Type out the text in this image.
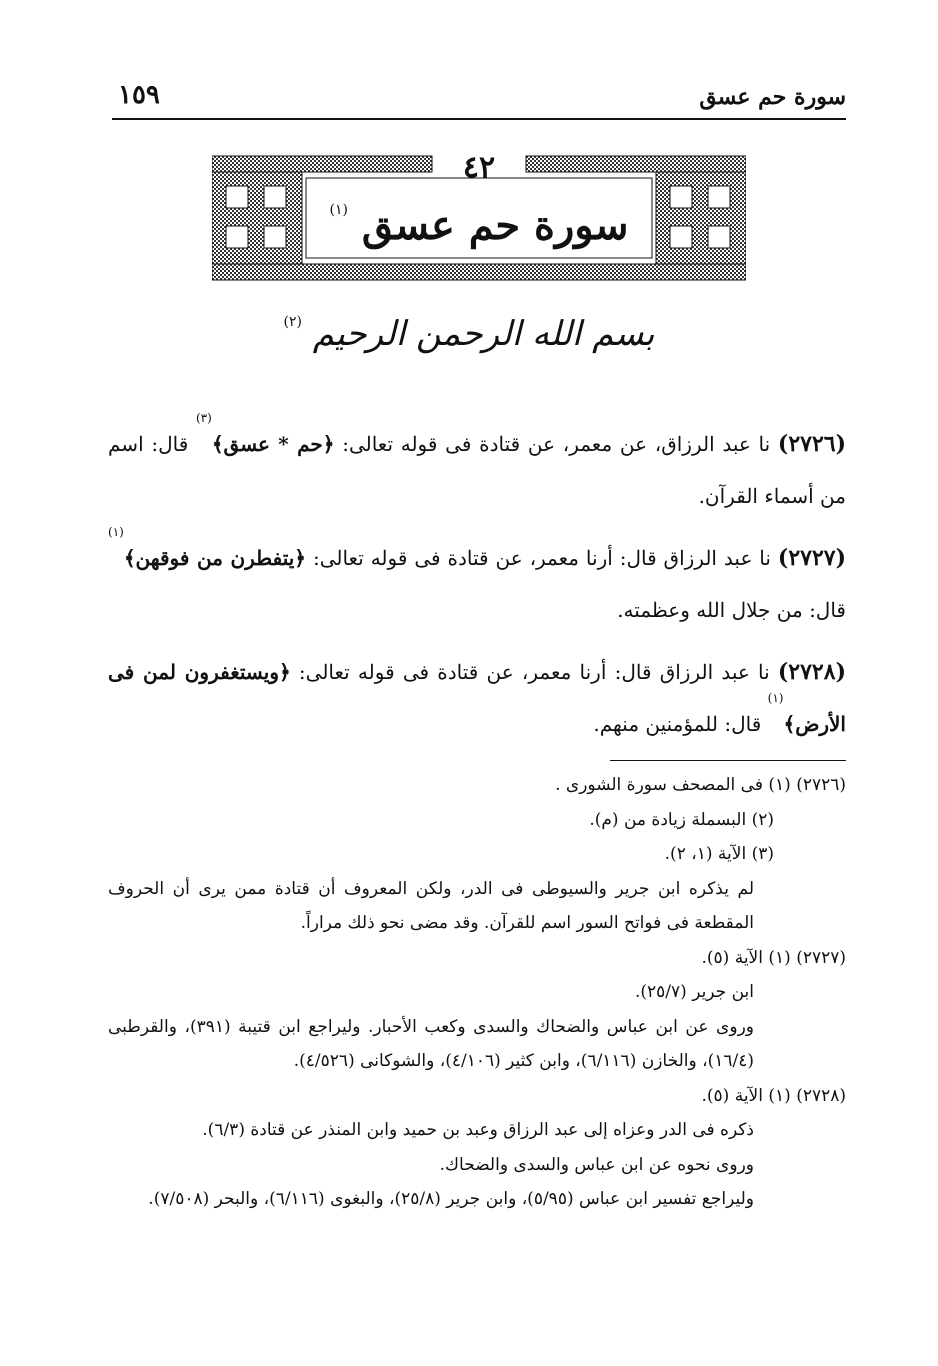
سورة حم عسق
١٥٩
٤٢
سورة حم عسق $^{(١)}$
بسم الله الرحمن الرحيم $^{(٢)}$

(٢٧٢٦) نا عبد الرزاق، عن معمر، عن قتادة فى قوله تعالى: ﴿حم * عسق﴾$^{(٣)}$ قال: اسم من أسماء القرآن.

(٢٧٢٧) نا عبد الرزاق قال: أرنا معمر، عن قتادة فى قوله تعالى: ﴿يتفطرن من فوقهن﴾$^{(١)}$ قال: من جلال الله وعظمته.

(٢٧٢٨) نا عبد الرزاق قال: أرنا معمر، عن قتادة فى قوله تعالى: ﴿ويستغفرون لمن فى الأرض﴾$^{(١)}$ قال: للمؤمنين منهم.

(٢٧٢٦) (١) فى المصحف سورة الشورى .

(٢) البسملة زيادة من (م).

(٣) الآية (١، ٢).

لم يذكره ابن جرير والسيوطى فى الدر، ولكن المعروف أن قتادة ممن يرى أن الحروف المقطعة فى فواتح السور اسم للقرآن. وقد مضى نحو ذلك مراراً.

(٢٧٢٧) (١) الآية (٥).

ابن جرير (٢٥/٧).

وروى عن ابن عباس والضحاك والسدى وكعب الأحبار. وليراجع ابن قتيبة (٣٩١)، والقرطبى (١٦/٤)، والخازن (٦/١١٦)، وابن كثير (٤/١٠٦)، والشوكانى (٤/٥٢٦).

(٢٧٢٨) (١) الآية (٥).

ذكره فى الدر وعزاه إلى عبد الرزاق وعبد بن حميد وابن المنذر عن قتادة (٦/٣).

وروى نحوه عن ابن عباس والسدى والضحاك.

وليراجع تفسير ابن عباس (٥/٩٥)، وابن جرير (٢٥/٨)، والبغوى (٦/١١٦)، والبحر (٧/٥٠٨).
